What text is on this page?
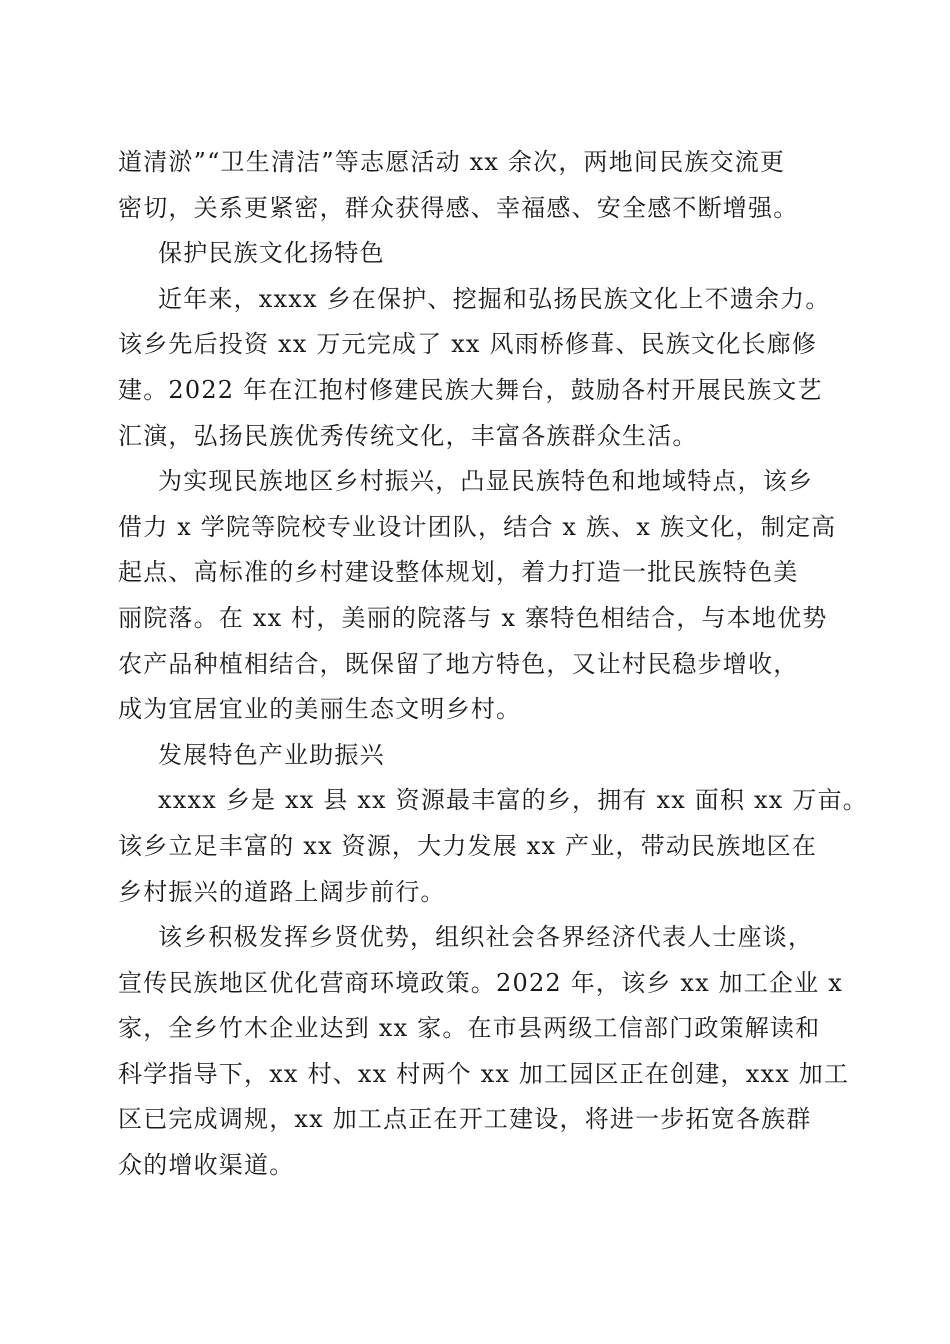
道清淤”“卫生清洁”等志愿活动 xx 余次，两地间民族交流更
密切，关系更紧密，群众获得感、幸福感、安全感不断增强。
保护民族文化扬特色
近年来，xxxx 乡在保护、挖掘和弘扬民族文化上不遗余力。
该乡先后投资 xx 万元完成了 xx 风雨桥修葺、民族文化长廊修
建。2022 年在江抱村修建民族大舞台，鼓励各村开展民族文艺
汇演，弘扬民族优秀传统文化，丰富各族群众生活。
为实现民族地区乡村振兴，凸显民族特色和地域特点，该乡
借力 x 学院等院校专业设计团队，结合 x 族、x 族文化，制定高
起点、高标准的乡村建设整体规划，着力打造一批民族特色美
丽院落。在 xx 村，美丽的院落与 x 寨特色相结合，与本地优势
农产品种植相结合，既保留了地方特色，又让村民稳步增收，
成为宜居宜业的美丽生态文明乡村。
发展特色产业助振兴
xxxx 乡是 xx 县 xx 资源最丰富的乡，拥有 xx 面积 xx 万亩。
该乡立足丰富的 xx 资源，大力发展 xx 产业，带动民族地区在
乡村振兴的道路上阔步前行。
该乡积极发挥乡贤优势，组织社会各界经济代表人士座谈，
宣传民族地区优化营商环境政策。2022 年，该乡 xx 加工企业 x
家，全乡竹木企业达到 xx 家。在市县两级工信部门政策解读和
科学指导下，xx 村、xx 村两个 xx 加工园区正在创建，xxx 加工
区已完成调规，xx 加工点正在开工建设，将进一步拓宽各族群
众的增收渠道。
